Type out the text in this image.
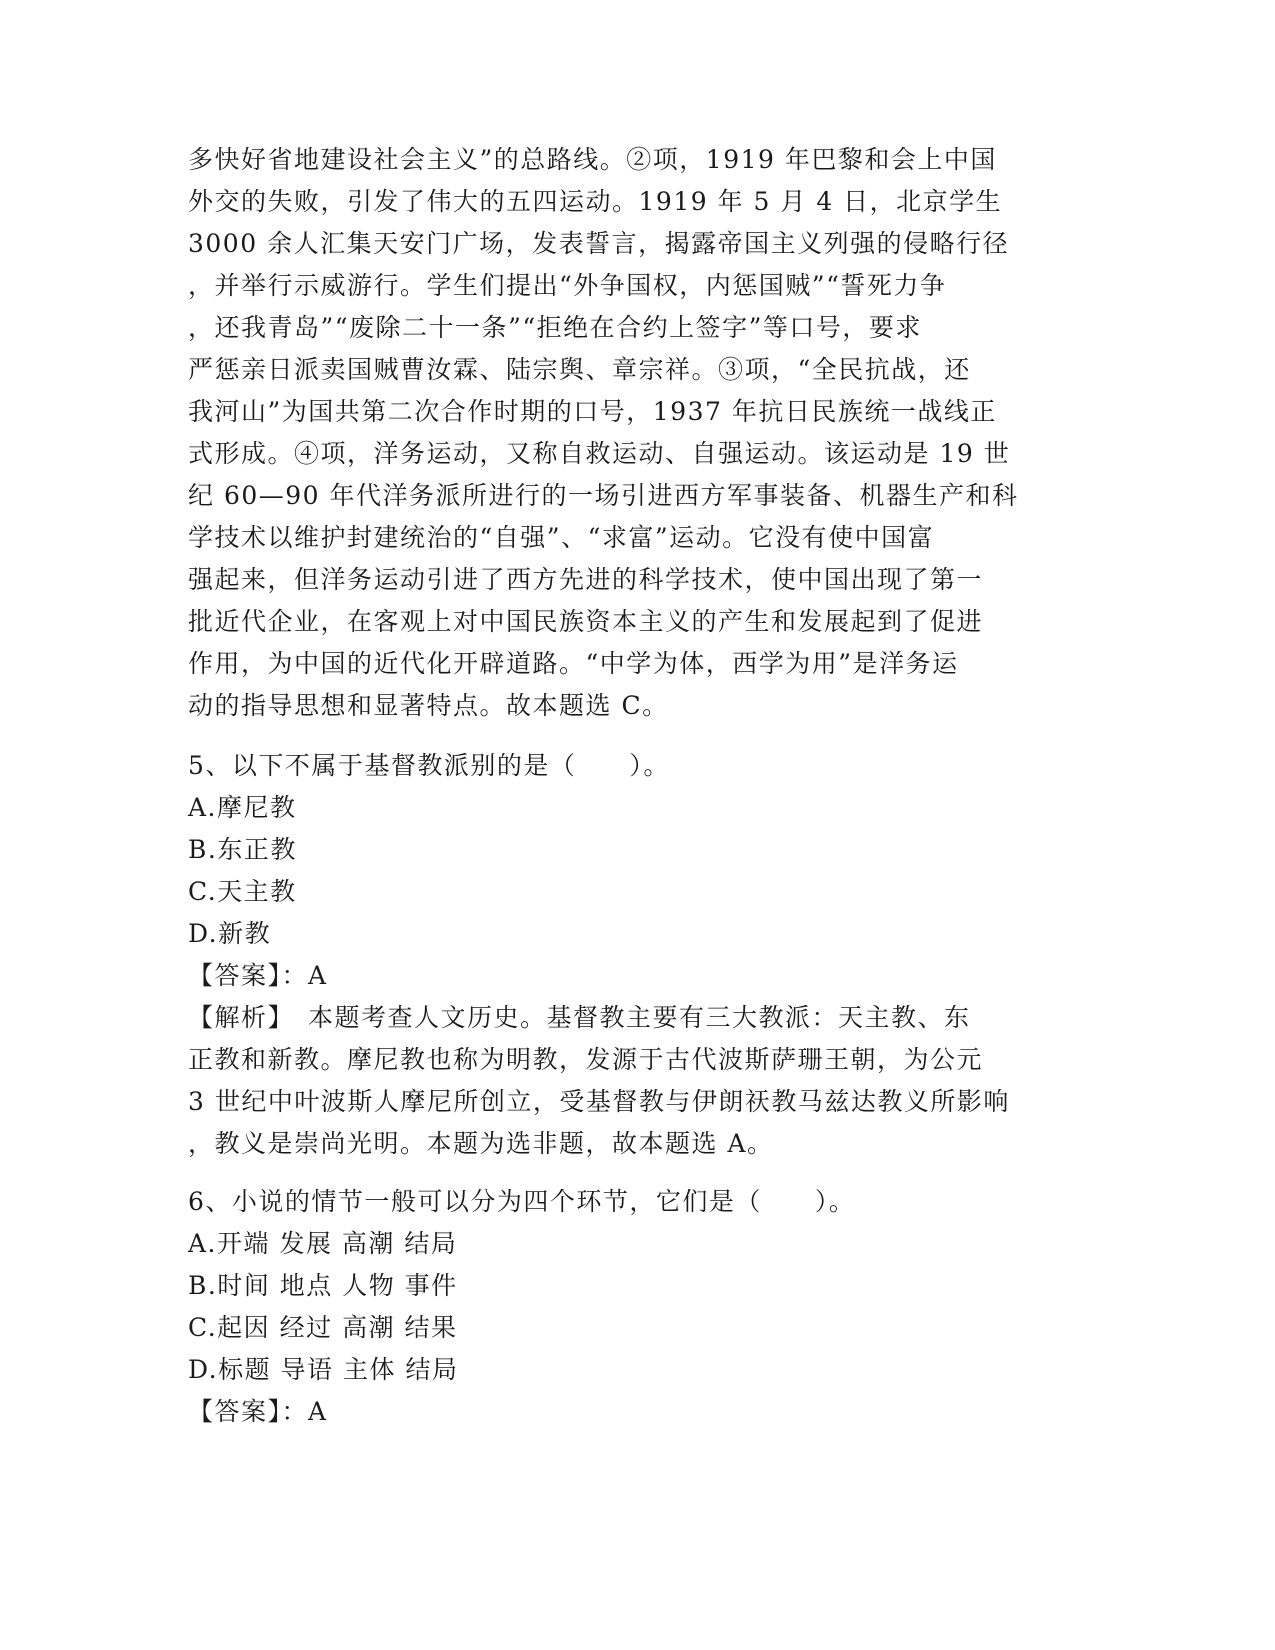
多快好省地建设社会主义”的总路线。②项，1919 年巴黎和会上中国
外交的失败，引发了伟大的五四运动。1919 年 5 月 4 日，北京学生
3000 余人汇集天安门广场，发表誓言，揭露帝国主义列强的侵略行径
，并举行示威游行。学生们提出“外争国权，内惩国贼”“誓死力争
，还我青岛”“废除二十一条”“拒绝在合约上签字”等口号，要求
严惩亲日派卖国贼曹汝霖、陆宗舆、章宗祥。③项，“全民抗战，还
我河山”为国共第二次合作时期的口号，1937 年抗日民族统一战线正
式形成。④项，洋务运动，又称自救运动、自强运动。该运动是 19 世
纪 60—90 年代洋务派所进行的一场引进西方军事装备、机器生产和科
学技术以维护封建统治的“自强”、“求富”运动。它没有使中国富
强起来，但洋务运动引进了西方先进的科学技术，使中国出现了第一
批近代企业，在客观上对中国民族资本主义的产生和发展起到了促进
作用，为中国的近代化开辟道路。“中学为体，西学为用”是洋务运
动的指导思想和显著特点。故本题选 C。
5、以下不属于基督教派别的是（　　）。
A.摩尼教
B.东正教
C.天主教
D.新教
【答案】：A
【解析】　本题考查人文历史。基督教主要有三大教派：天主教、东
正教和新教。摩尼教也称为明教，发源于古代波斯萨珊王朝，为公元
3 世纪中叶波斯人摩尼所创立，受基督教与伊朗祆教马兹达教义所影响
，教义是崇尚光明。本题为选非题，故本题选 A。
6、小说的情节一般可以分为四个环节，它们是（　　）。
A.开端 发展 高潮 结局
B.时间 地点 人物 事件
C.起因 经过 高潮 结果
D.标题 导语 主体 结局
【答案】：A
